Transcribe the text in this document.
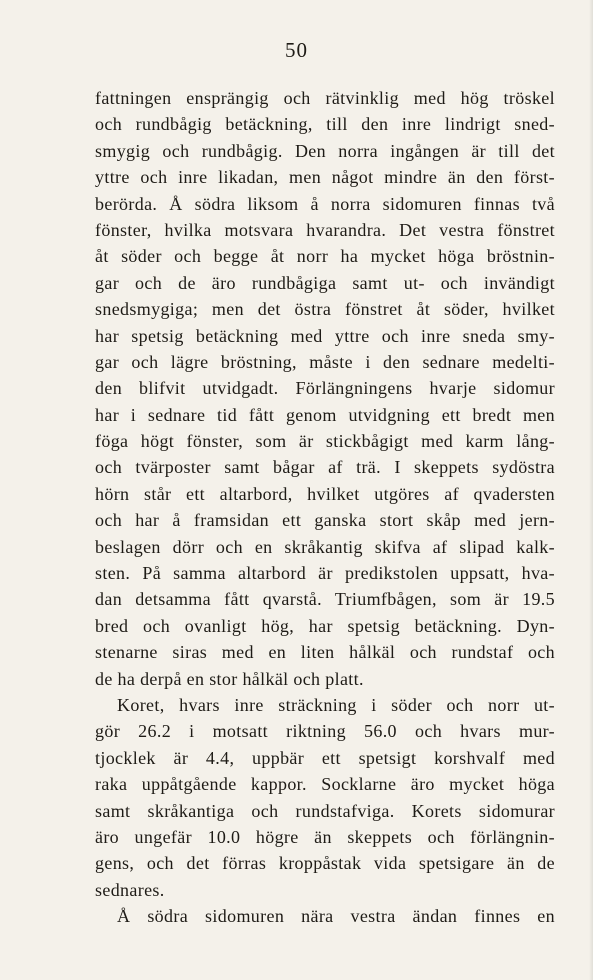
50
fattningen ensprängig och rätvinklig med hög tröskel
och rundbågig betäckning, till den inre lindrigt sned-
smygig och rundbågig. Den norra ingången är till det
yttre och inre likadan, men något mindre än den först-
berörda. Å södra liksom å norra sidomuren finnas två
fönster, hvilka motsvara hvarandra. Det vestra fönstret
åt söder och begge åt norr ha mycket höga bröstnin-
gar och de äro rundbågiga samt ut- och invändigt
snedsmygiga; men det östra fönstret åt söder, hvilket
har spetsig betäckning med yttre och inre sneda smy-
gar och lägre bröstning, måste i den sednare medelti-
den blifvit utvidgadt. Förlängningens hvarje sidomur
har i sednare tid fått genom utvidgning ett bredt men
föga högt fönster, som är stickbågigt med karm lång-
och tvärposter samt bågar af trä. I skeppets sydöstra
hörn står ett altarbord, hvilket utgöres af qvadersten
och har å framsidan ett ganska stort skåp med jern-
beslagen dörr och en skråkantig skifva af slipad kalk-
sten. På samma altarbord är predikstolen uppsatt, hva-
dan detsamma fått qvarstå. Triumfbågen, som är 19.5
bred och ovanligt hög, har spetsig betäckning. Dyn-
stenarne siras med en liten hålkäl och rundstaf och
de ha derpå en stor hålkäl och platt.
Koret, hvars inre sträckning i söder och norr ut-
gör 26.2 i motsatt riktning 56.0 och hvars mur-
tjocklek är 4.4, uppbär ett spetsigt korshvalf med
raka uppåtgående kappor. Socklarne äro mycket höga
samt skråkantiga och rundstafviga. Korets sidomurar
äro ungefär 10.0 högre än skeppets och förlängnin-
gens, och det förras kroppåstak vida spetsigare än de
sednares.
Å södra sidomuren nära vestra ändan finnes en
